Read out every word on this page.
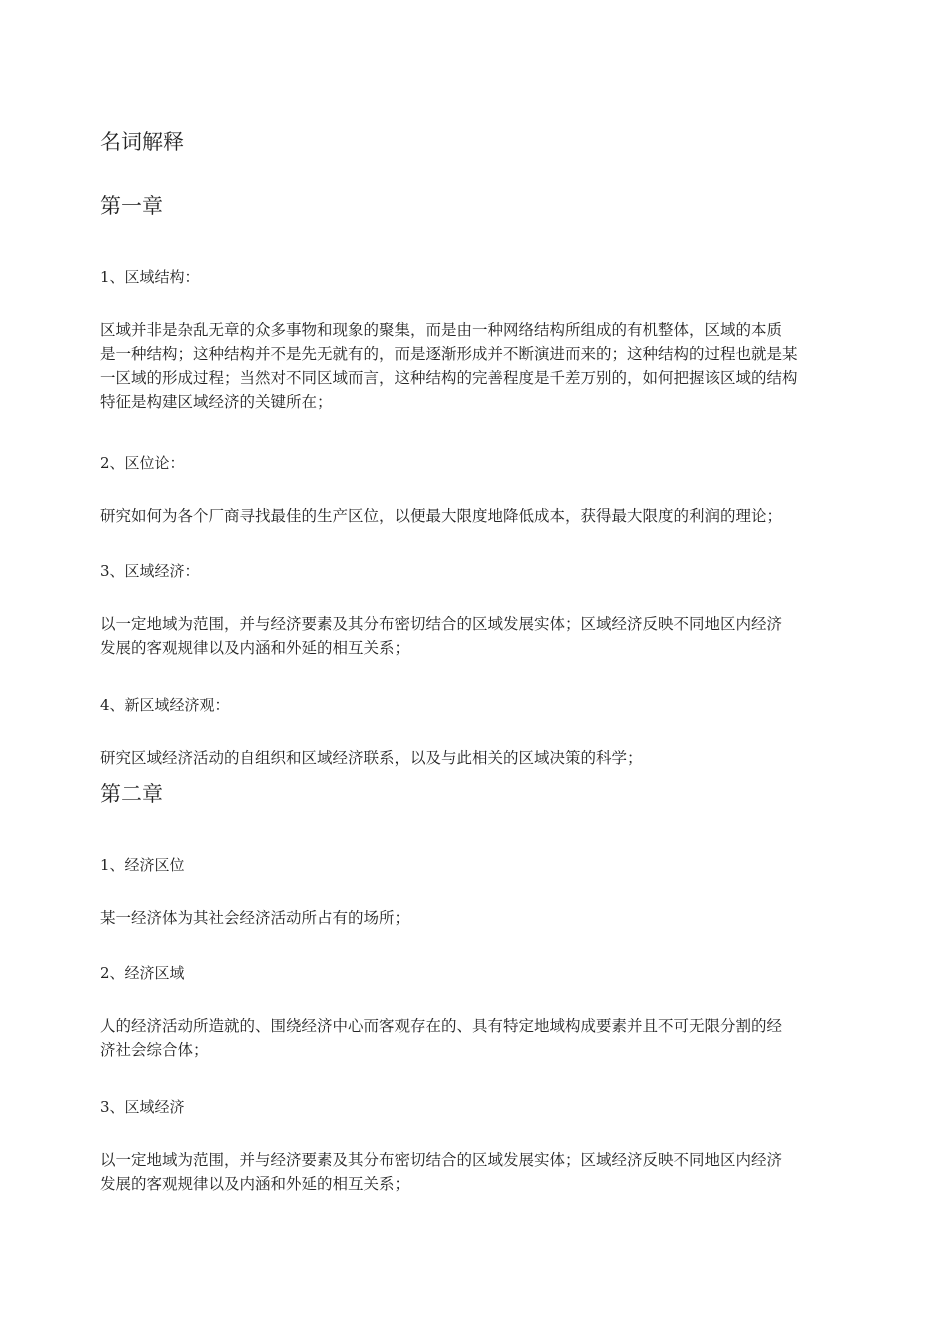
名词解释
第一章
1、区域结构：
区域并非是杂乱无章的众多事物和现象的聚集，而是由一种网络结构所组成的有机整体，区域的本质
是一种结构；这种结构并不是先无就有的，而是逐渐形成并不断演进而来的；这种结构的过程也就是某
一区域的形成过程；当然对不同区域而言，这种结构的完善程度是千差万别的，如何把握该区域的结构
特征是构建区域经济的关键所在；
2、区位论：
研究如何为各个厂商寻找最佳的生产区位，以便最大限度地降低成本，获得最大限度的利润的理论；
3、区域经济：
以一定地域为范围，并与经济要素及其分布密切结合的区域发展实体；区域经济反映不同地区内经济
发展的客观规律以及内涵和外延的相互关系；
4、新区域经济观：
研究区域经济活动的自组织和区域经济联系，以及与此相关的区域决策的科学；
第二章
1、经济区位
某一经济体为其社会经济活动所占有的场所；
2、经济区域
人的经济活动所造就的、围绕经济中心而客观存在的、具有特定地域构成要素并且不可无限分割的经
济社会综合体；
3、区域经济
以一定地域为范围，并与经济要素及其分布密切结合的区域发展实体；区域经济反映不同地区内经济
发展的客观规律以及内涵和外延的相互关系；
